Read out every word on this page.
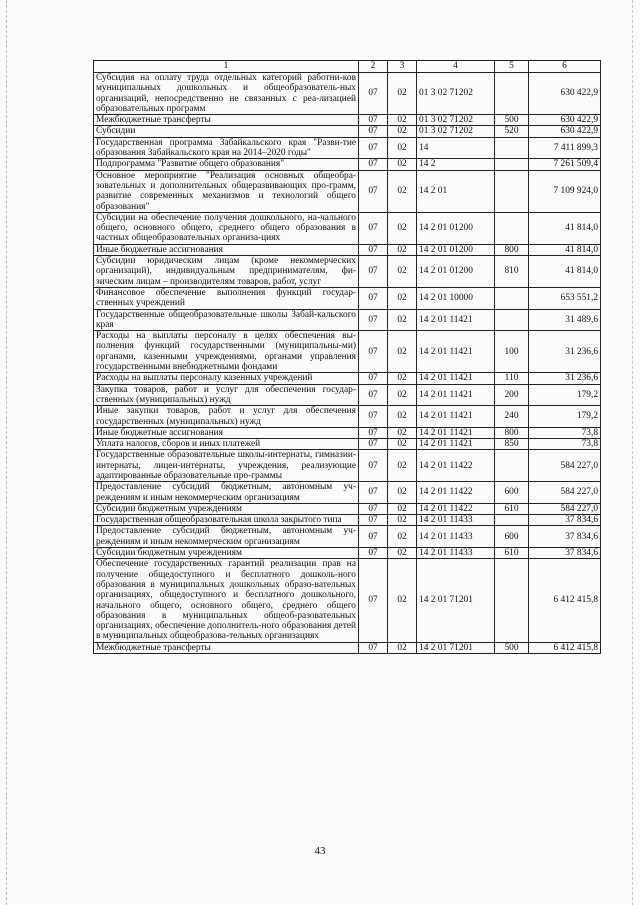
1	2	3	4	5	6
Субсидия на оплату труда отдельных категорий работни-ков муниципальных дошкольных и общеобразователь-ных организаций, непосредственно не связанных с реа-лизацией образовательных программ	07	02	01 3 02 71202		630 422,9
Межбюджетные трансферты	07	02	01 3 02 71202	500	630 422,9
Субсидии	07	02	01 3 02 71202	520	630 422,9
Государственная программа Забайкальского края "Разви-тие образования Забайкальского края на 2014–2020 годы"	07	02	14		7 411 899,3
Подпрограмма "Развитие общего образования"	07	02	14 2		7 261 509,4
Основное мероприятие "Реализация основных общеобра-зовательных и дополнительных общеразвивающих про-грамм, развитие современных механизмов и технологий общего образования"	07	02	14 2 01		7 109 924,0
Субсидии на обеспечение получения дошкольного, на-чального общего, основного общего, среднего общего образования в частных общеобразовательных организа-циях	07	02	14 2 01 01200		41 814,0
Иные бюджетные ассигнования	07	02	14 2 01 01200	800	41 814,0
Субсидии юридическим лицам (кроме некоммерческих организаций), индивидуальным предпринимателям, фи-зическим лицам – производителям товаров, работ, услуг	07	02	14 2 01 01200	810	41 814,0
Финансовое обеспечение выполнения функций государ-ственных учреждений	07	02	14 2 01 10000		653 551,2
Государственные общеобразовательные школы Забай-кальского края	07	02	14 2 01 11421		31 489,6
Расходы на выплаты персоналу в целях обеспечения вы-полнения функций государственными (муниципальны-ми) органами, казенными учреждениями, органами управления государственными внебюджетными фондами	07	02	14 2 01 11421	100	31 236,6
Расходы на выплаты персоналу казенных учреждений	07	02	14 2 01 11421	110	31 236,6
Закупка товаров, работ и услуг для обеспечения государ-ственных (муниципальных) нужд	07	02	14 2 01 11421	200	179,2
Иные закупки товаров, работ и услуг для обеспечения государственных (муниципальных) нужд	07	02	14 2 01 11421	240	179,2
Иные бюджетные ассигнования	07	02	14 2 01 11421	800	73,8
Уплата налогов, сборов и иных платежей	07	02	14 2 01 11421	850	73,8
Государственные образовательные школы-интернаты, гимназии-интернаты, лицеи-интернаты, учреждения, реализующие адаптированные образовательные про-граммы	07	02	14 2 01 11422		584 227,0
Предоставление субсидий бюджетным, автономным уч-реждениям и иным некоммерческим организациям	07	02	14 2 01 11422	600	584 227,0
Субсидии бюджетным учреждениям	07	02	14 2 01 11422	610	584 227,0
Государственная общеобразовательная школа закрытого типа	07	02	14 2 01 11433		37 834,6
Предоставление субсидий бюджетным, автономным уч-реждениям и иным некоммерческим организациям	07	02	14 2 01 11433	600	37 834,6
Субсидии бюджетным учреждениям	07	02	14 2 01 11433	610	37 834,6
Обеспечение государственных гарантий реализации прав на получение общедоступного и бесплатного дошколь-ного образования в муниципальных дошкольных образо-вательных организациях, общедоступного и бесплатного дошкольного, начального общего, основного общего, среднего общего образования в муниципальных общеоб-разовательных организациях, обеспечение дополнитель-ного образования детей в муниципальных общеобразова-тельных организациях	07	02	14 2 01 71201		6 412 415,8
Межбюджетные трансферты	07	02	14 2 01 71201	500	6 412 415,8
43
